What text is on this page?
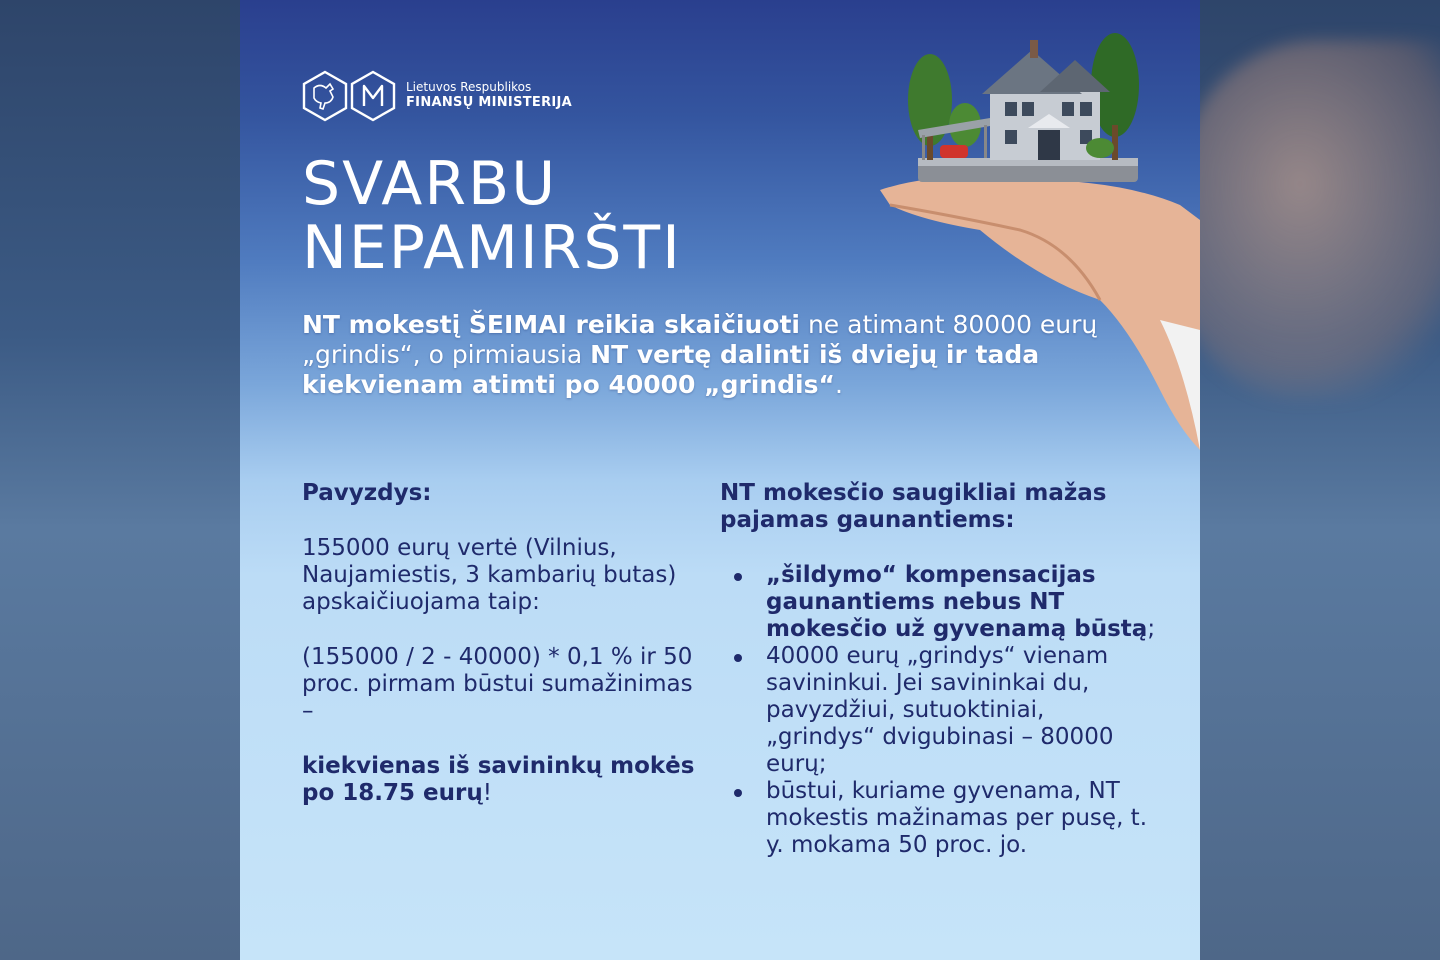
Lietuvos Respublikos
FINANSŲ MINISTERIJA
SVARBU
NEPAMIRŠTI
NT mokestį ŠEIMAI reikia skaičiuoti ne atimant 80000 eurų „grindis“, o pirmiausia NT vertę dalinti iš dviejų ir tada kiekvienam atimti po 40000 „grindis“.
Pavyzdys:
155000 eurų vertė (Vilnius, Naujamiestis, 3 kambarių butas) apskaičiuojama taip:
(155000 / 2 - 40000) * 0,1 % ir 50 proc. pirmam būstui sumažinimas –
kiekvienas iš savininkų mokės po 18.75 eurų!
NT mokesčio saugikliai mažas pajamas gaunantiems:
„šildymo“ kompensacijas gaunantiems nebus NT mokesčio už gyvenamą būstą;
40000 eurų „grindys“ vienam savininkui. Jei savininkai du, pavyzdžiui, sutuoktiniai, „grindys“ dvigubinasi – 80000 eurų;
būstui, kuriame gyvenama, NT mokestis mažinamas per pusę, t. y. mokama 50 proc. jo.
